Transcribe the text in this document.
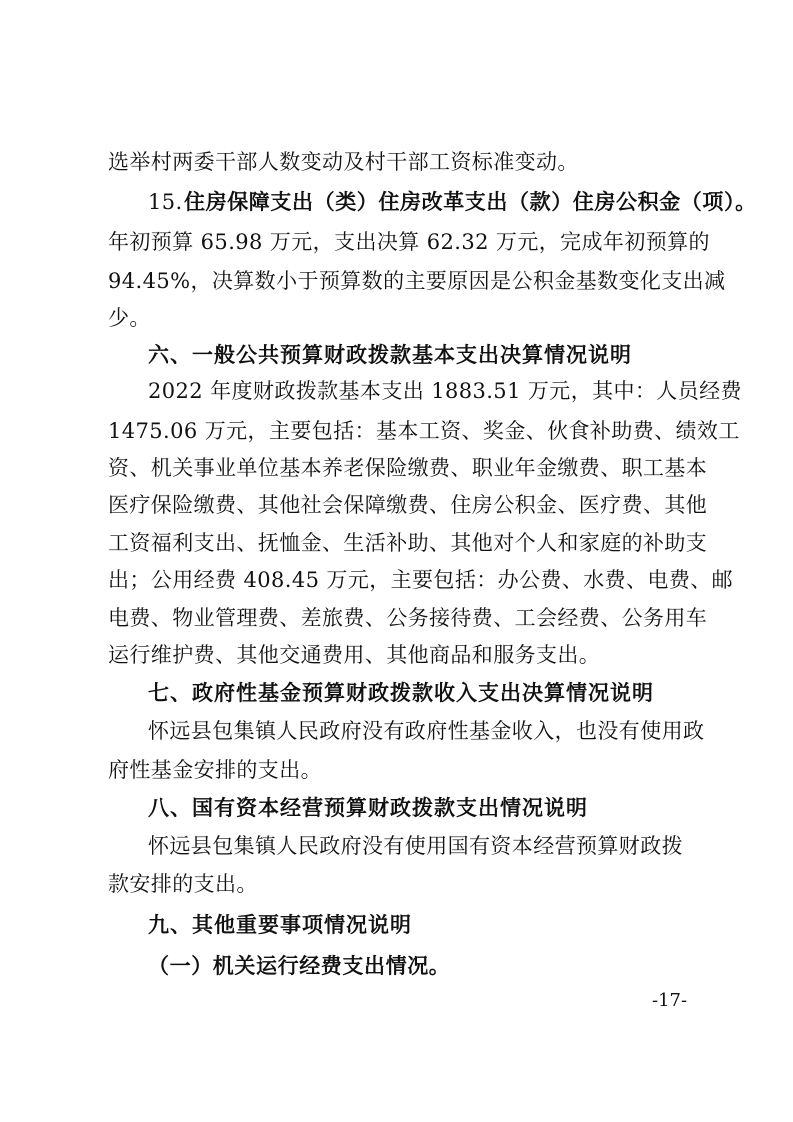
选举村两委干部人数变动及村干部工资标准变动。
15. 住房保障支出（类）住房改革支出（款）住房公积金（项）。
年初预算 65.98 万元，支出决算 62.32 万元，完成年初预算的
94.45%，决算数小于预算数的主要原因是公积金基数变化支出减
少。
六、一般公共预算财政拨款基本支出决算情况说明
2022 年度财政拨款基本支出 1883.51 万元，其中：人员经费
1475.06 万元，主要包括：基本工资、奖金、伙食补助费、绩效工
资、机关事业单位基本养老保险缴费、职业年金缴费、职工基本
医疗保险缴费、其他社会保障缴费、住房公积金、医疗费、其他
工资福利支出、抚恤金、生活补助、其他对个人和家庭的补助支
出；公用经费 408.45 万元，主要包括：办公费、水费、电费、邮
电费、物业管理费、差旅费、公务接待费、工会经费、公务用车
运行维护费、其他交通费用、其他商品和服务支出。
七、政府性基金预算财政拨款收入支出决算情况说明
怀远县包集镇人民政府没有政府性基金收入，也没有使用政
府性基金安排的支出。
八、国有资本经营预算财政拨款支出情况说明
怀远县包集镇人民政府没有使用国有资本经营预算财政拨
款安排的支出。
九、其他重要事项情况说明
（一）机关运行经费支出情况。
-17-
